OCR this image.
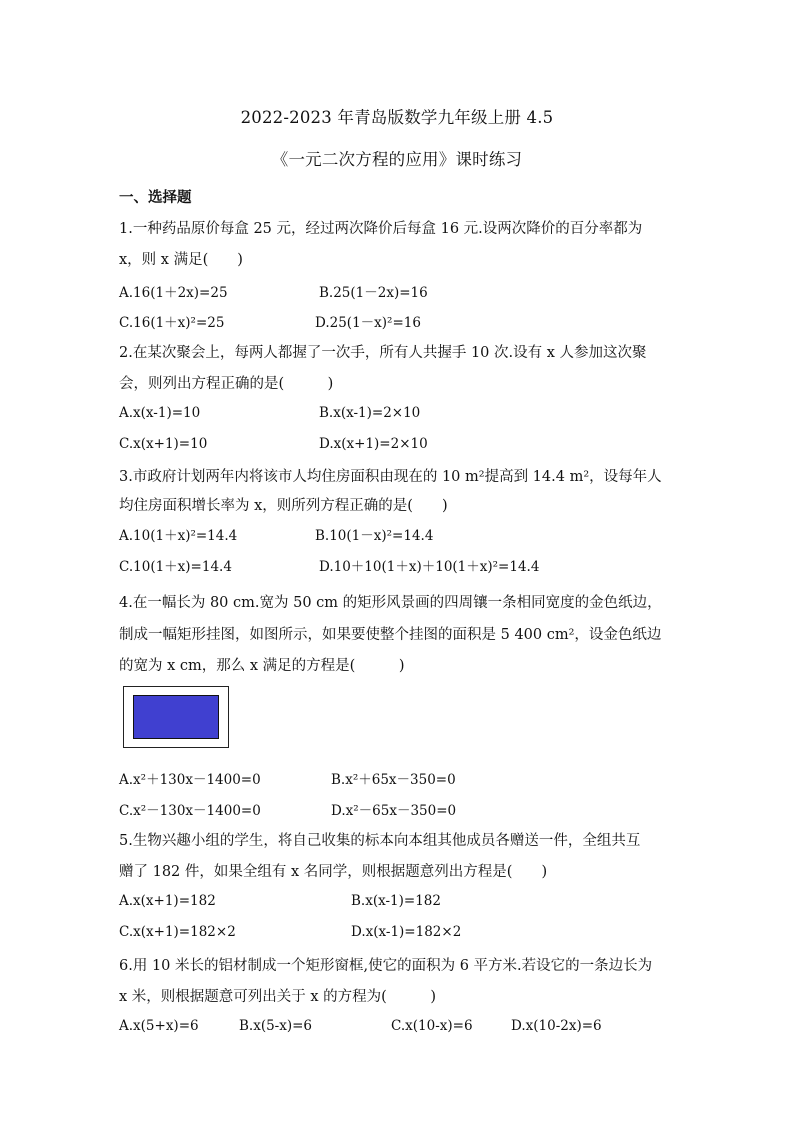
2022-2023 年青岛版数学九年级上册 4.5
《一元二次方程的应用》课时练习
一、选择题
1.一种药品原价每盒 25 元，经过两次降价后每盒 16 元.设两次降价的百分率都为
x，则 x 满足(　　)
A.16(1＋2x)=25	B.25(1－2x)=16
C.16(1＋x)²=25	D.25(1－x)²=16
2.在某次聚会上，每两人都握了一次手，所有人共握手 10 次.设有 x 人参加这次聚
会，则列出方程正确的是(　　　)
A.x(x-1)=10	B.x(x-1)=2×10
C.x(x+1)=10	D.x(x+1)=2×10
3.市政府计划两年内将该市人均住房面积由现在的 10 m²提高到 14.4 m²，设每年人
均住房面积增长率为 x，则所列方程正确的是(　　)
A.10(1＋x)²=14.4	B.10(1－x)²=14.4
C.10(1＋x)=14.4	D.10＋10(1＋x)＋10(1＋x)²=14.4
4.在一幅长为 80 cm.宽为 50 cm 的矩形风景画的四周镶一条相同宽度的金色纸边，
制成一幅矩形挂图，如图所示，如果要使整个挂图的面积是 5 400 cm²，设金色纸边
的宽为 x cm，那么 x 满足的方程是(　　　)
A.x²＋130x－1400=0	B.x²＋65x－350=0
C.x²－130x－1400=0	D.x²－65x－350=0
5.生物兴趣小组的学生，将自己收集的标本向本组其他成员各赠送一件，全组共互
赠了 182 件，如果全组有 x 名同学，则根据题意列出方程是(　　)
A.x(x+1)=182	B.x(x-1)=182
C.x(x+1)=182×2	D.x(x-1)=182×2
6.用 10 米长的铝材制成一个矩形窗框,使它的面积为 6 平方米.若设它的一条边长为
x 米，则根据题意可列出关于 x 的方程为(　　　)
A.x(5+x)=6	B.x(5-x)=6	C.x(10-x)=6	D.x(10-2x)=6
